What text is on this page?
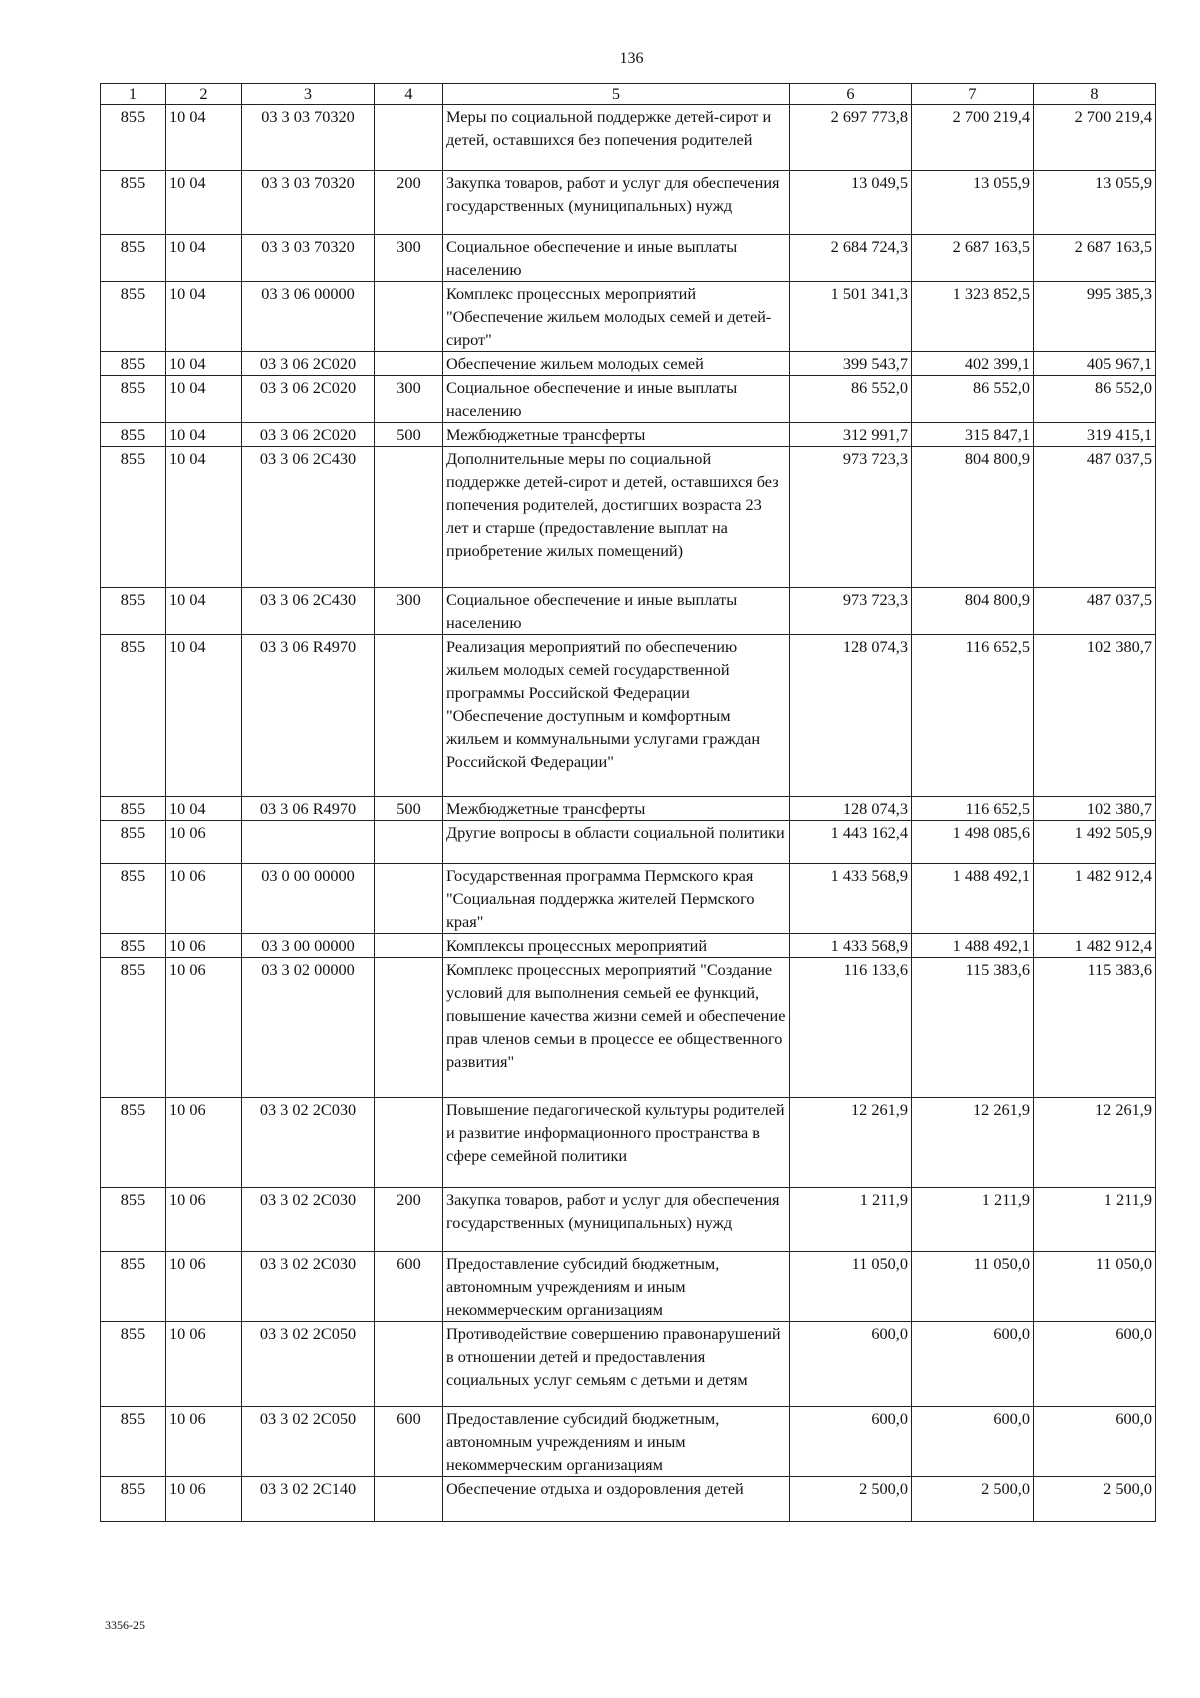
136
1	2	3	4	5	6	7	8
855	10 04	03 3 03 70320		Меры по социальной поддержке детей-сирот и детей, оставшихся без попечения родителей	2 697 773,8	2 700 219,4	2 700 219,4
855	10 04	03 3 03 70320	200	Закупка товаров, работ и услуг для обеспечения государственных (муниципальных) нужд	13 049,5	13 055,9	13 055,9
855	10 04	03 3 03 70320	300	Социальное обеспечение и иные выплаты населению	2 684 724,3	2 687 163,5	2 687 163,5
855	10 04	03 3 06 00000		Комплекс процессных мероприятий "Обеспечение жильем молодых семей и детей-сирот"	1 501 341,3	1 323 852,5	995 385,3
855	10 04	03 3 06 2С020		Обеспечение жильем молодых семей	399 543,7	402 399,1	405 967,1
855	10 04	03 3 06 2С020	300	Социальное обеспечение и иные выплаты населению	86 552,0	86 552,0	86 552,0
855	10 04	03 3 06 2С020	500	Межбюджетные трансферты	312 991,7	315 847,1	319 415,1
855	10 04	03 3 06 2С430		Дополнительные меры по социальной поддержке детей-сирот и детей, оставшихся без попечения родителей, достигших возраста 23 лет и старше (предоставление выплат на приобретение жилых помещений)	973 723,3	804 800,9	487 037,5
855	10 04	03 3 06 2С430	300	Социальное обеспечение и иные выплаты населению	973 723,3	804 800,9	487 037,5
855	10 04	03 3 06 R4970		Реализация мероприятий по обеспечению жильем молодых семей государственной программы Российской Федерации "Обеспечение доступным и комфортным жильем и коммунальными услугами граждан Российской Федерации"	128 074,3	116 652,5	102 380,7
855	10 04	03 3 06 R4970	500	Межбюджетные трансферты	128 074,3	116 652,5	102 380,7
855	10 06			Другие вопросы в области социальной политики	1 443 162,4	1 498 085,6	1 492 505,9
855	10 06	03 0 00 00000		Государственная программа Пермского края "Социальная поддержка жителей Пермского края"	1 433 568,9	1 488 492,1	1 482 912,4
855	10 06	03 3 00 00000		Комплексы процессных мероприятий	1 433 568,9	1 488 492,1	1 482 912,4
855	10 06	03 3 02 00000		Комплекс процессных мероприятий "Создание условий для выполнения семьей ее функций, повышение качества жизни семей и обеспечение прав членов семьи в процессе ее общественного развития"	116 133,6	115 383,6	115 383,6
855	10 06	03 3 02 2С030		Повышение педагогической культуры родителей и развитие информационного пространства в сфере семейной политики	12 261,9	12 261,9	12 261,9
855	10 06	03 3 02 2С030	200	Закупка товаров, работ и услуг для обеспечения государственных (муниципальных) нужд	1 211,9	1 211,9	1 211,9
855	10 06	03 3 02 2С030	600	Предоставление субсидий бюджетным, автономным учреждениям и иным некоммерческим организациям	11 050,0	11 050,0	11 050,0
855	10 06	03 3 02 2С050		Противодействие совершению правонарушений в отношении детей и предоставления социальных услуг семьям с детьми и детям	600,0	600,0	600,0
855	10 06	03 3 02 2С050	600	Предоставление субсидий бюджетным, автономным учреждениям и иным некоммерческим организациям	600,0	600,0	600,0
855	10 06	03 3 02 2С140		Обеспечение отдыха и оздоровления детей	2 500,0	2 500,0	2 500,0
3356-25
